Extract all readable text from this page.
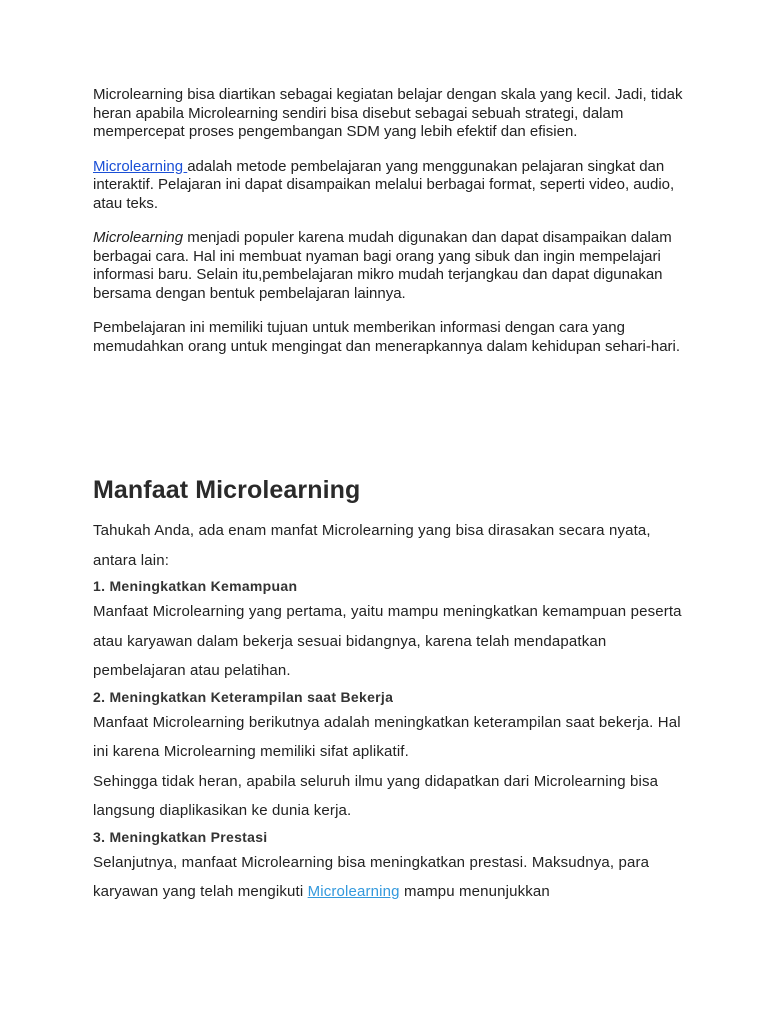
Microlearning bisa diartikan sebagai kegiatan belajar dengan skala yang kecil. Jadi, tidak heran apabila Microlearning sendiri bisa disebut sebagai sebuah strategi, dalam mempercepat proses pengembangan SDM yang lebih efektif dan efisien.

Microlearning adalah metode pembelajaran yang menggunakan pelajaran singkat dan interaktif. Pelajaran ini dapat disampaikan melalui berbagai format, seperti video, audio, atau teks.

Microlearning menjadi populer karena mudah digunakan dan dapat disampaikan dalam berbagai cara. Hal ini membuat nyaman bagi orang yang sibuk dan ingin mempelajari informasi baru. Selain itu,pembelajaran mikro mudah terjangkau dan dapat digunakan bersama dengan bentuk pembelajaran lainnya.

Pembelajaran ini memiliki tujuan untuk memberikan informasi dengan cara yang memudahkan orang untuk mengingat dan menerapkannya dalam kehidupan sehari-hari.

Manfaat Microlearning

Tahukah Anda, ada enam manfat Microlearning yang bisa dirasakan secara nyata, antara lain:

1. Meningkatkan Kemampuan

Manfaat Microlearning yang pertama, yaitu mampu meningkatkan kemampuan peserta atau karyawan dalam bekerja sesuai bidangnya, karena telah mendapatkan pembelajaran atau pelatihan.

2. Meningkatkan Keterampilan saat Bekerja

Manfaat Microlearning berikutnya adalah meningkatkan keterampilan saat bekerja. Hal ini karena Microlearning memiliki sifat aplikatif.

Sehingga tidak heran, apabila seluruh ilmu yang didapatkan dari Microlearning bisa langsung diaplikasikan ke dunia kerja.

3. Meningkatkan Prestasi

Selanjutnya, manfaat Microlearning bisa meningkatkan prestasi. Maksudnya, para karyawan yang telah mengikuti Microlearning mampu menunjukkan
